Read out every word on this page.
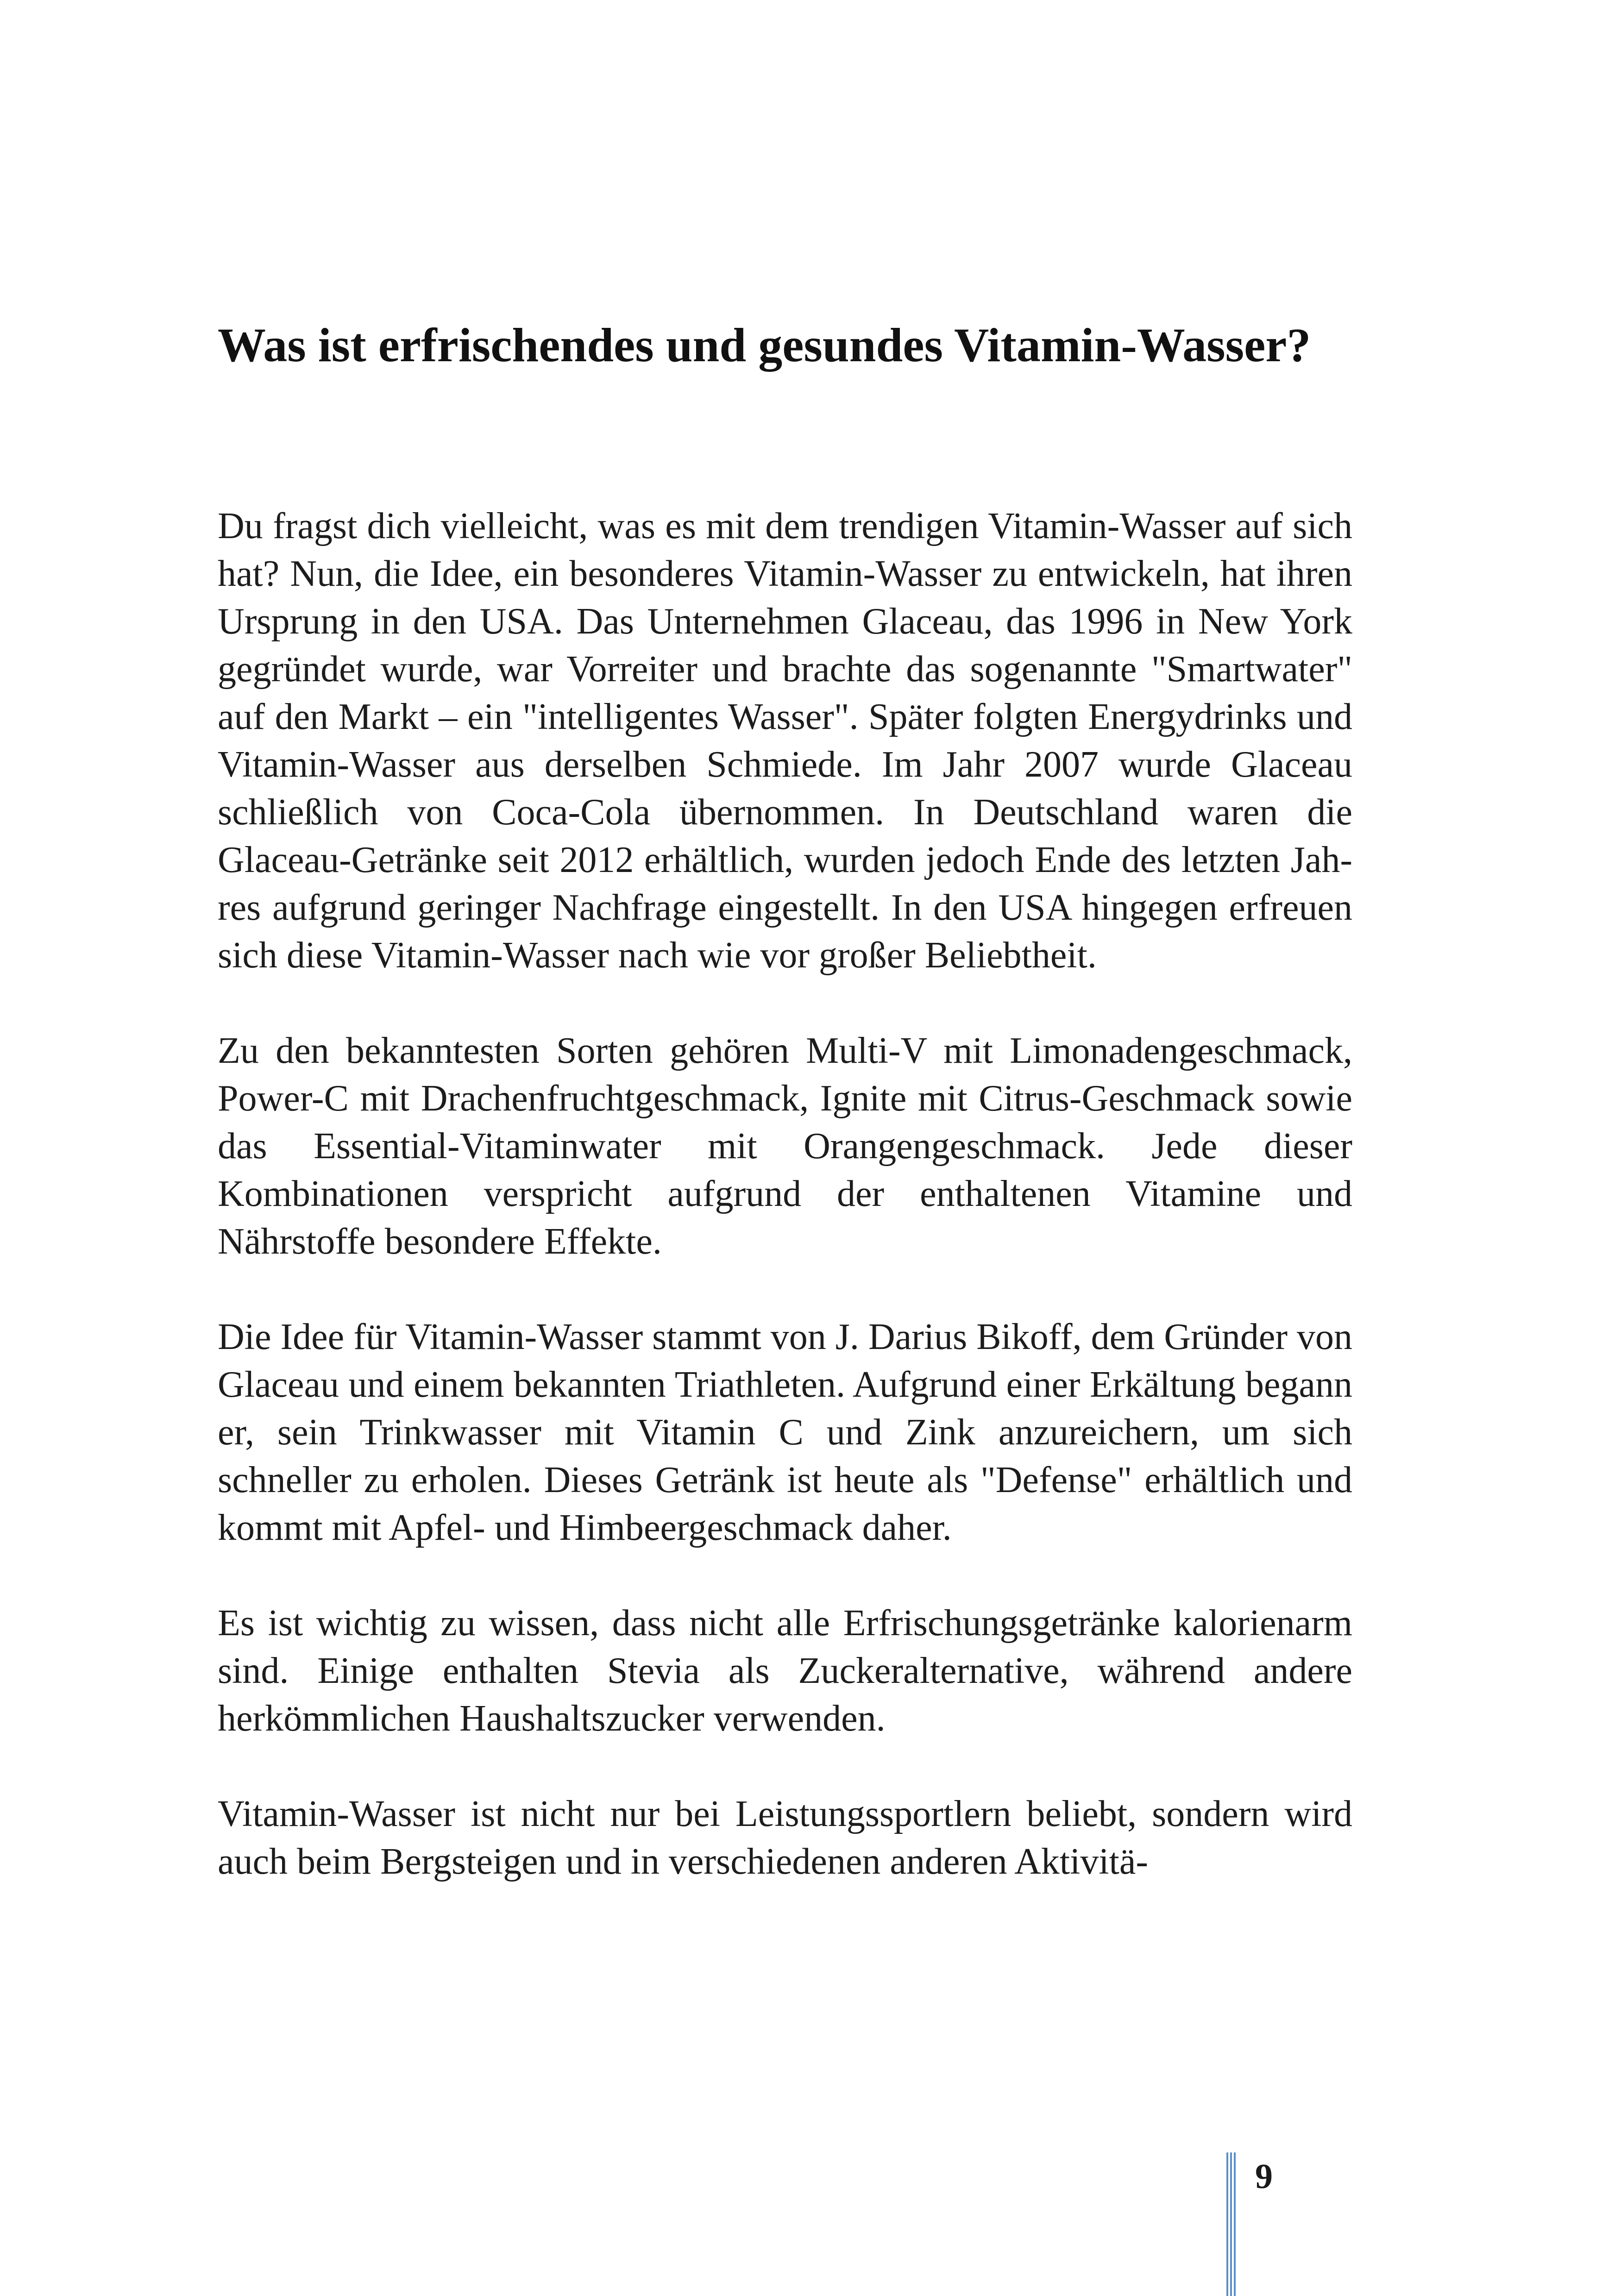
Was ist erfrischendes und gesundes Vitamin-Wasser?

Du fragst dich vielleicht, was es mit dem trendigen Vitamin-Wasser auf sich hat? Nun, die Idee, ein besonderes Vitamin-Wasser zu entwickeln, hat ihren Ursprung in den USA. Das Unternehmen Glaceau, das 1996 in New York gegründet wurde, war Vorreiter und brachte das sogenannte "Smartwater" auf den Markt – ein "intelligentes Wasser". Später folgten Energydrinks und Vitamin-Wasser aus derselben Schmiede. Im Jahr 2007 wurde Glaceau schließlich von Coca-Cola übernommen. In Deutschland waren die Glaceau-Getränke seit 2012 erhältlich, wurden jedoch Ende des letzten Jahres aufgrund geringer Nachfrage eingestellt. In den USA hingegen erfreuen sich diese Vitamin-Wasser nach wie vor großer Beliebtheit.

Zu den bekanntesten Sorten gehören Multi-V mit Limonadengeschmack, Power-C mit Drachenfruchtgeschmack, Ignite mit Citrus-Geschmack sowie das Essential-Vitaminwater mit Orangengeschmack. Jede dieser Kombinationen verspricht aufgrund der enthaltenen Vitamine und Nährstoffe besondere Effekte.

Die Idee für Vitamin-Wasser stammt von J. Darius Bikoff, dem Gründer von Glaceau und einem bekannten Triathleten. Aufgrund einer Erkältung begann er, sein Trinkwasser mit Vitamin C und Zink anzureichern, um sich schneller zu erholen. Dieses Getränk ist heute als "Defense" erhältlich und kommt mit Apfel- und Himbeergeschmack daher.

Es ist wichtig zu wissen, dass nicht alle Erfrischungsgetränke kalorienarm sind. Einige enthalten Stevia als Zuckeralternative, während andere herkömmlichen Haushaltszucker verwenden.

Vitamin-Wasser ist nicht nur bei Leistungssportlern beliebt, sondern wird auch beim Bergsteigen und in verschiedenen anderen Aktivitä-

9
